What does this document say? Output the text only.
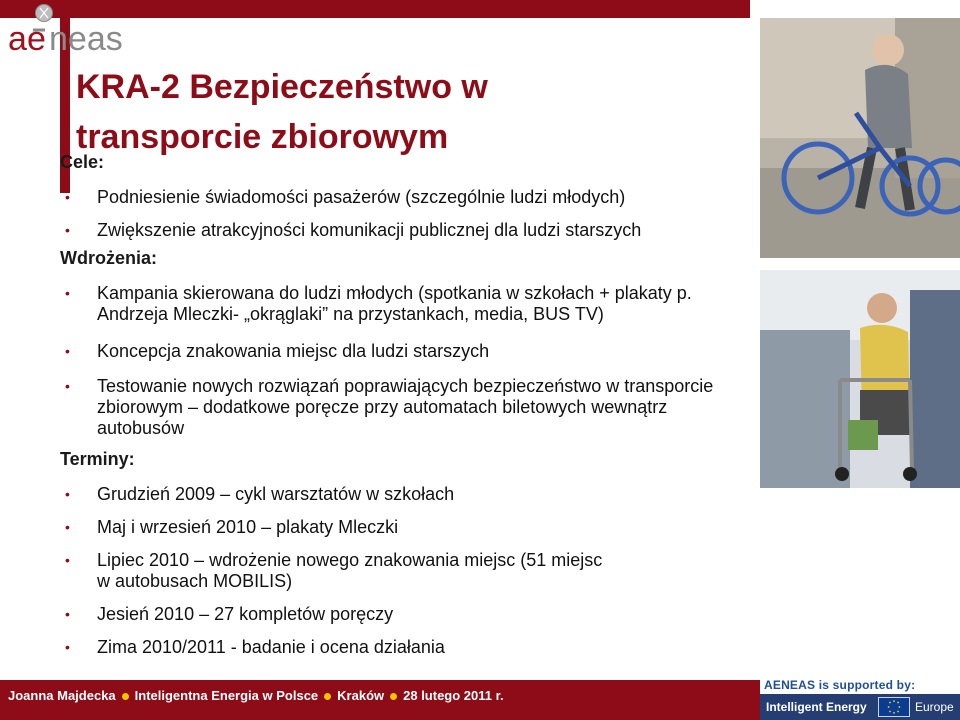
a e neas
KRA-2 Bezpieczeństwo w transporcie zbiorowym
Cele:
• Podniesienie świadomości pasażerów (szczególnie ludzi młodych)
• Zwiększenie atrakcyjności komunikacji publicznej dla ludzi starszych
Wdrożenia:
• Kampania skierowana do ludzi młodych (spotkania w szkołach + plakaty p. Andrzeja Mleczki- „okrąglaki” na przystankach, media, BUS TV)
• Koncepcja znakowania miejsc dla ludzi starszych
• Testowanie nowych rozwiązań poprawiających bezpieczeństwo w transporcie zbiorowym – dodatkowe poręcze przy automatach biletowych wewnątrz autobusów
Terminy:
• Grudzień 2009 – cykl warsztatów w szkołach
• Maj i wrzesień 2010 – plakaty Mleczki
• Lipiec 2010 – wdrożenie nowego znakowania miejsc (51 miejsc w autobusach MOBILIS)
• Jesień 2010 – 27 kompletów poręczy
• Zima 2010/2011 - badanie i ocena działania
AENEAS is supported by:
Intelligent Energy	Europe
Joanna Majdecka Inteligentna Energia w Polsce Kraków 28 lutego 2011 r.
